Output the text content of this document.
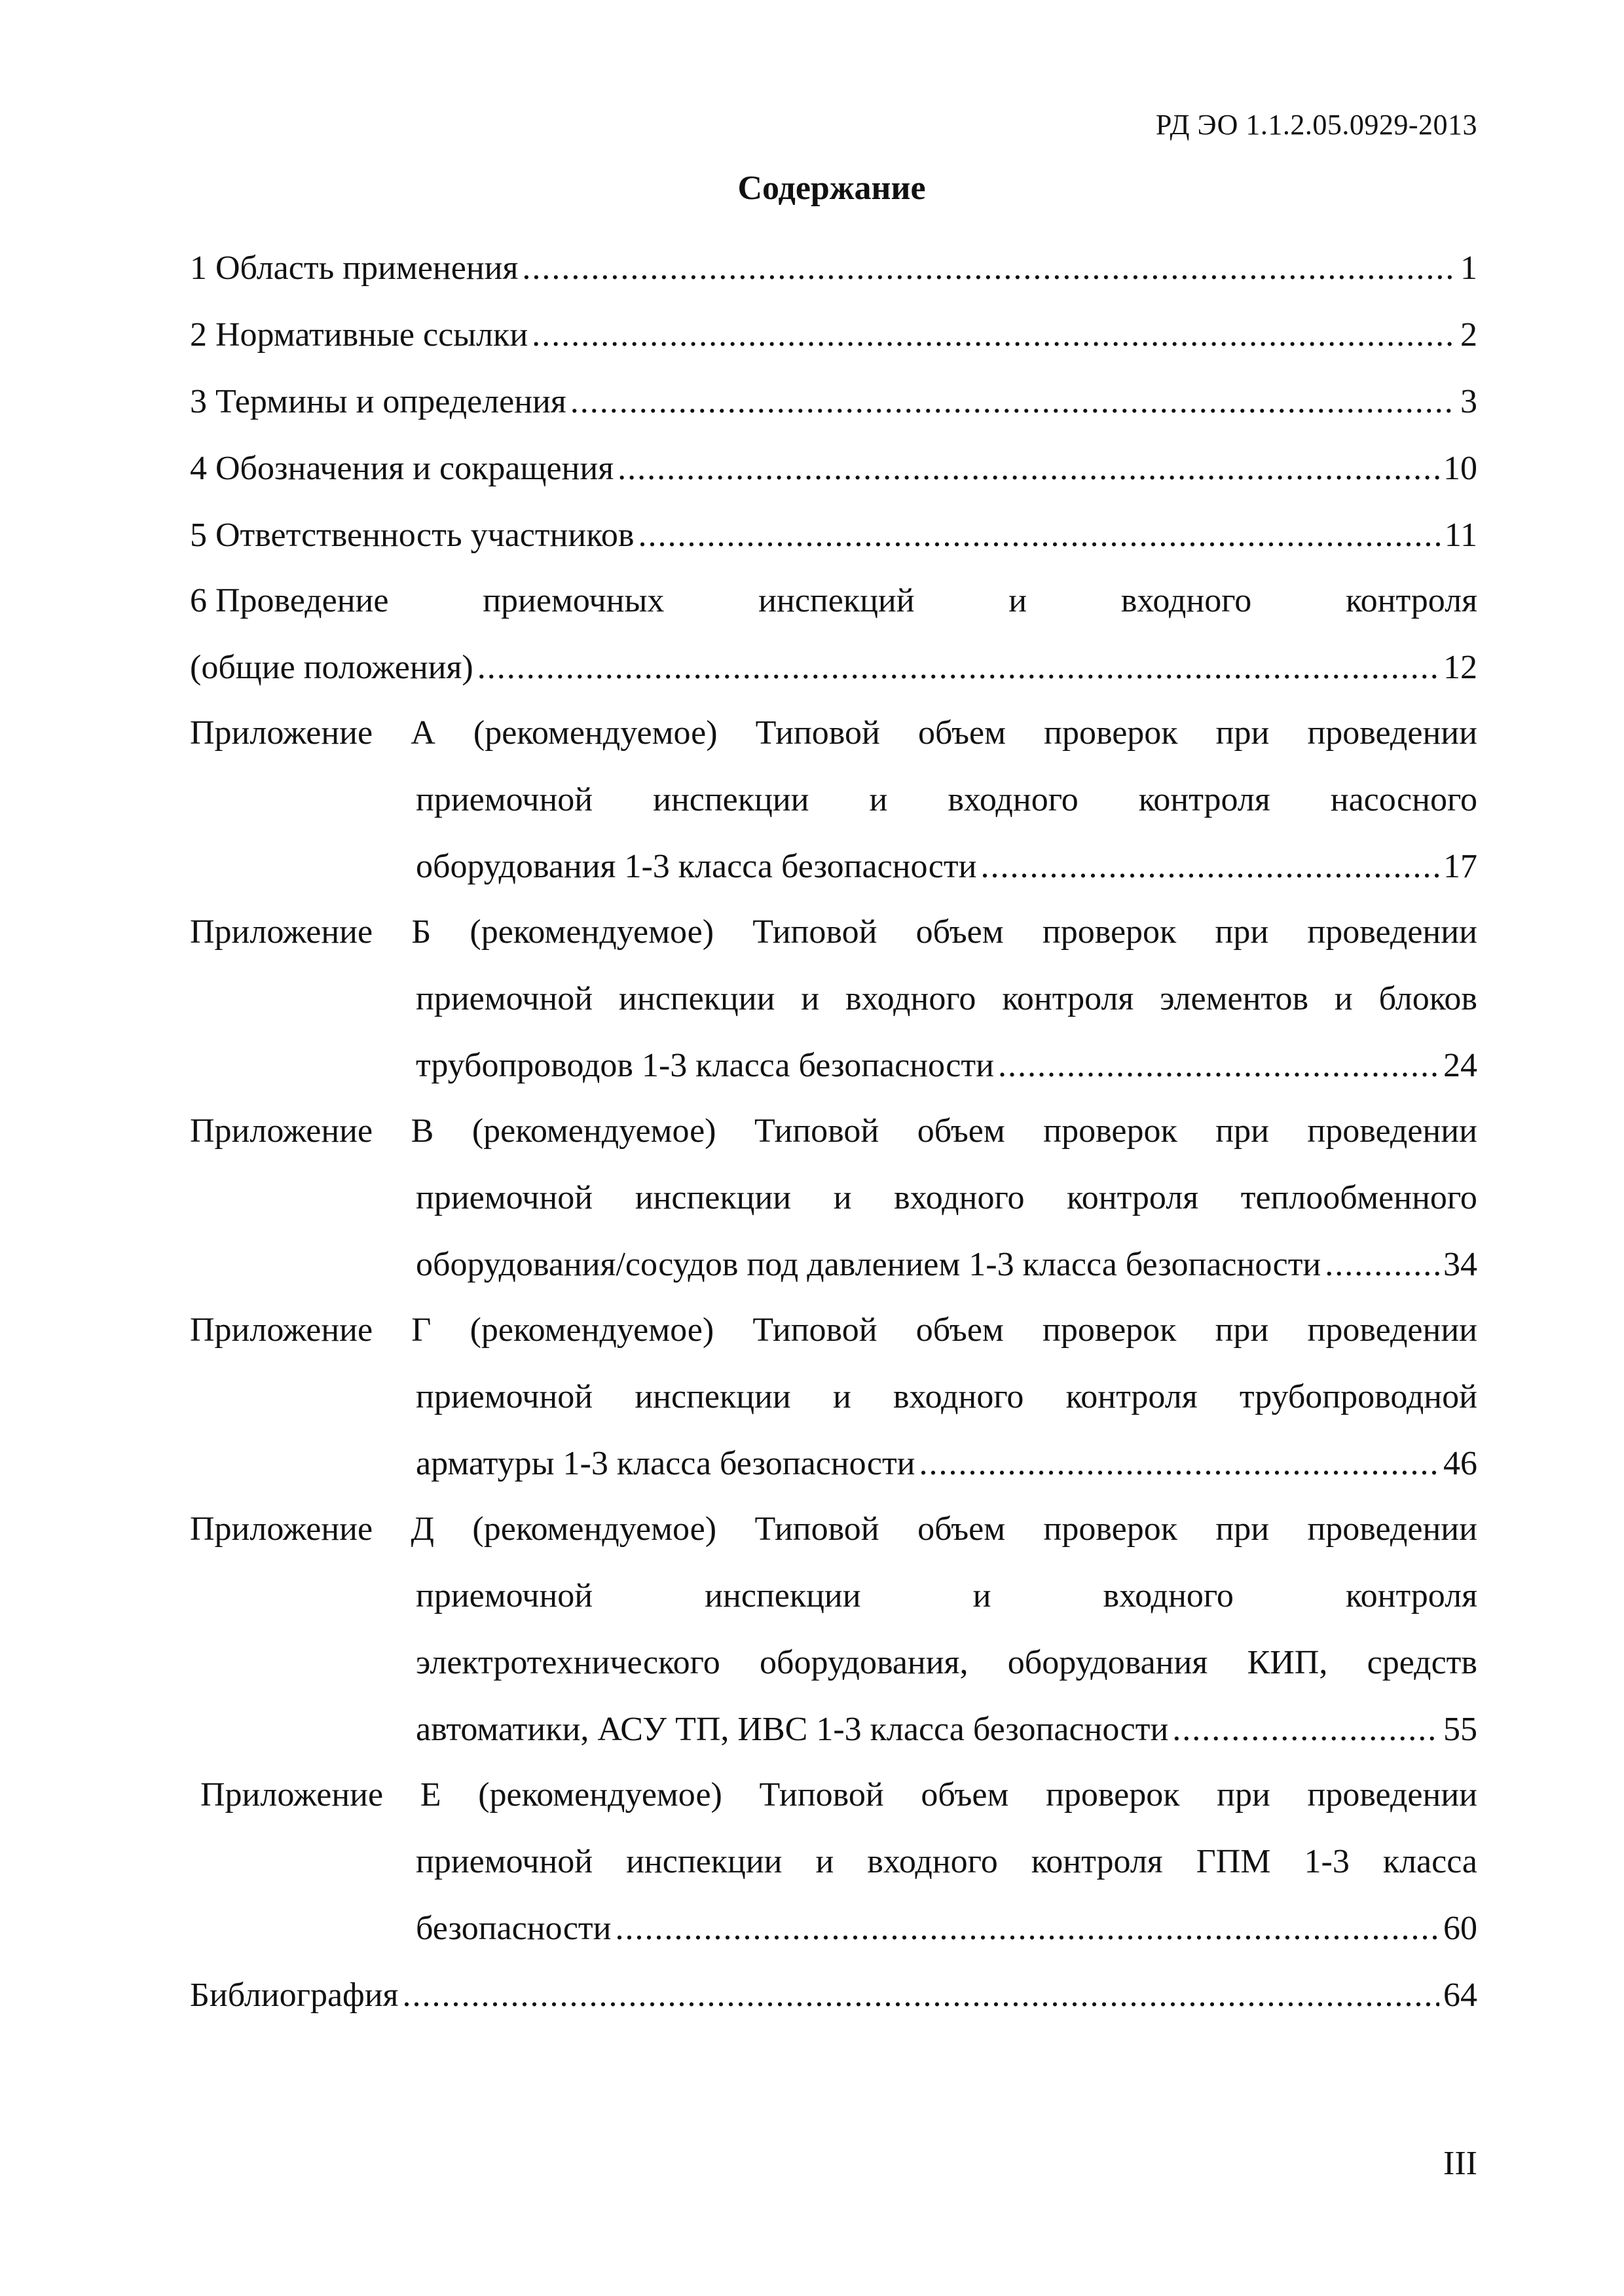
РД ЭО 1.1.2.05.0929-2013
Содержание
1 Область применения .....	1
2 Нормативные ссылки .....	2
3 Термины и определения .....	3
4 Обозначения и сокращения .....	10
5 Ответственность участников .....	11
6 Проведение	приемочных	инспекций	и	входного	контроля
(общие положения) .....	12
Приложение А (рекомендуемое) Типовой объем проверок при проведении
приемочной инспекции и входного контроля насосного
оборудования 1-3 класса безопасности .....	17
Приложение Б (рекомендуемое) Типовой объем проверок при проведении
приемочной инспекции и входного контроля элементов и блоков
трубопроводов 1-3 класса безопасности .....	24
Приложение В (рекомендуемое) Типовой объем проверок при проведении
приемочной инспекции и входного контроля теплообменного
оборудования/сосудов под давлением 1-3 класса безопасности .....	34
Приложение Г (рекомендуемое) Типовой объем проверок при проведении
приемочной инспекции и входного контроля трубопроводной
арматуры 1-3 класса безопасности .....	46
Приложение Д (рекомендуемое) Типовой объем проверок при проведении
приемочной	инспекции	и	входного	контроля
электротехнического оборудования, оборудования КИП, средств
автоматики, АСУ ТП, ИВС 1-3 класса безопасности .....	55
Приложение Е (рекомендуемое) Типовой объем проверок при проведении
приемочной инспекции и входного контроля ГПМ 1-3 класса
безопасности .....	60
Библиография .....	64
III
